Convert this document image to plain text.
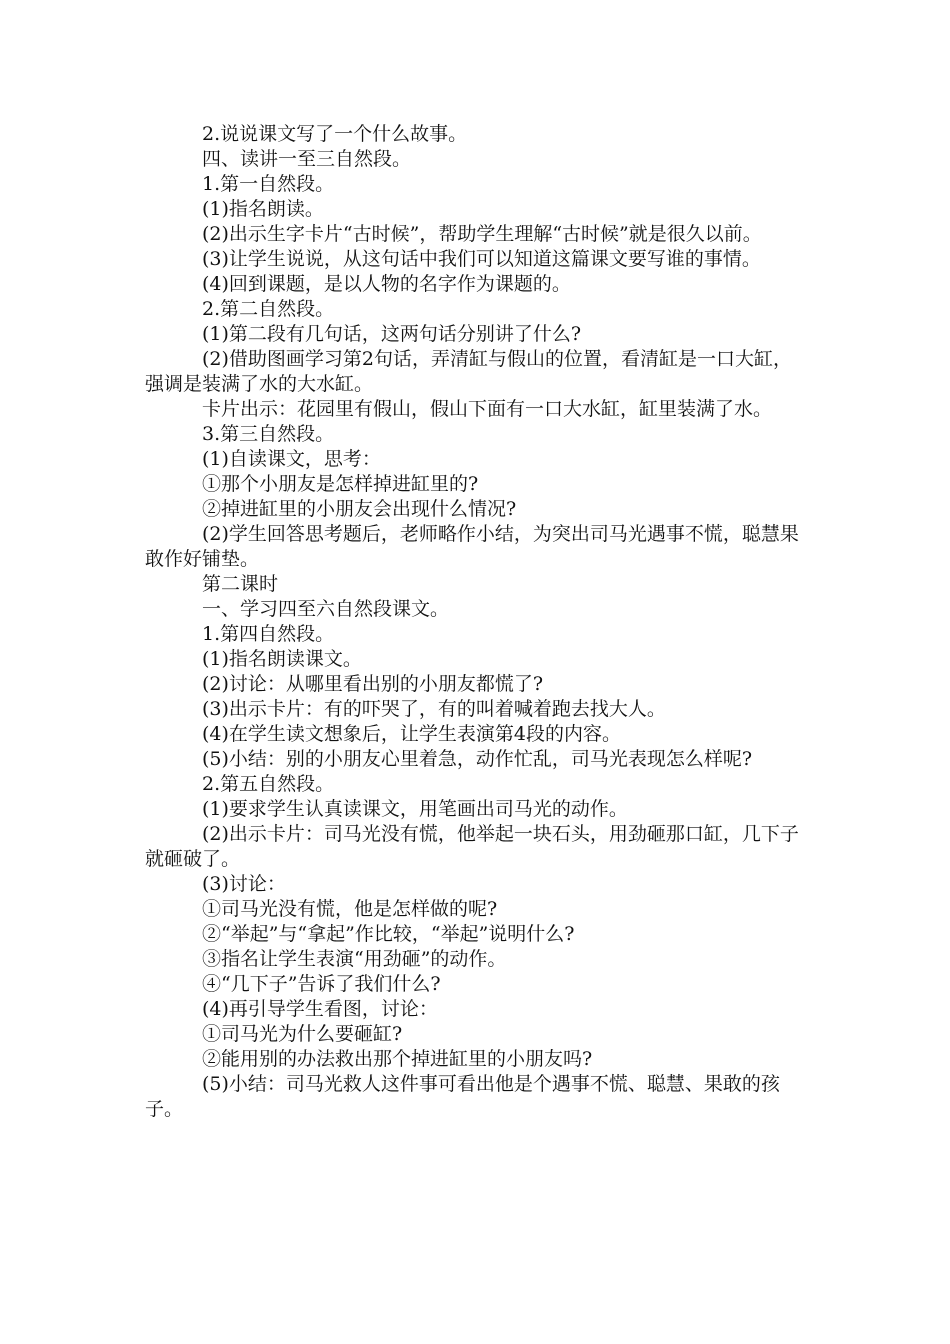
2.说说课文写了一个什么故事。

四、读讲一至三自然段。

1.第一自然段。

(1)指名朗读。

(2)出示生字卡片“古时候”，帮助学生理解“古时候”就是很久以前。

(3)让学生说说，从这句话中我们可以知道这篇课文要写谁的事情。

(4)回到课题，是以人物的名字作为课题的。

2.第二自然段。

(1)第二段有几句话，这两句话分别讲了什么?

(2)借助图画学习第2句话，弄清缸与假山的位置，看清缸是一口大缸，强调是装满了水的大水缸。

卡片出示：花园里有假山，假山下面有一口大水缸，缸里装满了水。

3.第三自然段。

(1)自读课文，思考：

①那个小朋友是怎样掉进缸里的?

②掉进缸里的小朋友会出现什么情况?

(2)学生回答思考题后，老师略作小结，为突出司马光遇事不慌，聪慧果敢作好铺垫。

第二课时

一、学习四至六自然段课文。

1.第四自然段。

(1)指名朗读课文。

(2)讨论：从哪里看出别的小朋友都慌了?

(3)出示卡片：有的吓哭了，有的叫着喊着跑去找大人。

(4)在学生读文想象后，让学生表演第4段的内容。

(5)小结：别的小朋友心里着急，动作忙乱，司马光表现怎么样呢?

2.第五自然段。

(1)要求学生认真读课文，用笔画出司马光的动作。

(2)出示卡片：司马光没有慌，他举起一块石头，用劲砸那口缸，几下子就砸破了。

(3)讨论：

①司马光没有慌，他是怎样做的呢?

②“举起”与“拿起”作比较，“举起”说明什么?

③指名让学生表演“用劲砸”的动作。

④“几下子”告诉了我们什么?

(4)再引导学生看图，讨论：

①司马光为什么要砸缸?

②能用别的办法救出那个掉进缸里的小朋友吗?

(5)小结：司马光救人这件事可看出他是个遇事不慌、聪慧、果敢的孩子。
